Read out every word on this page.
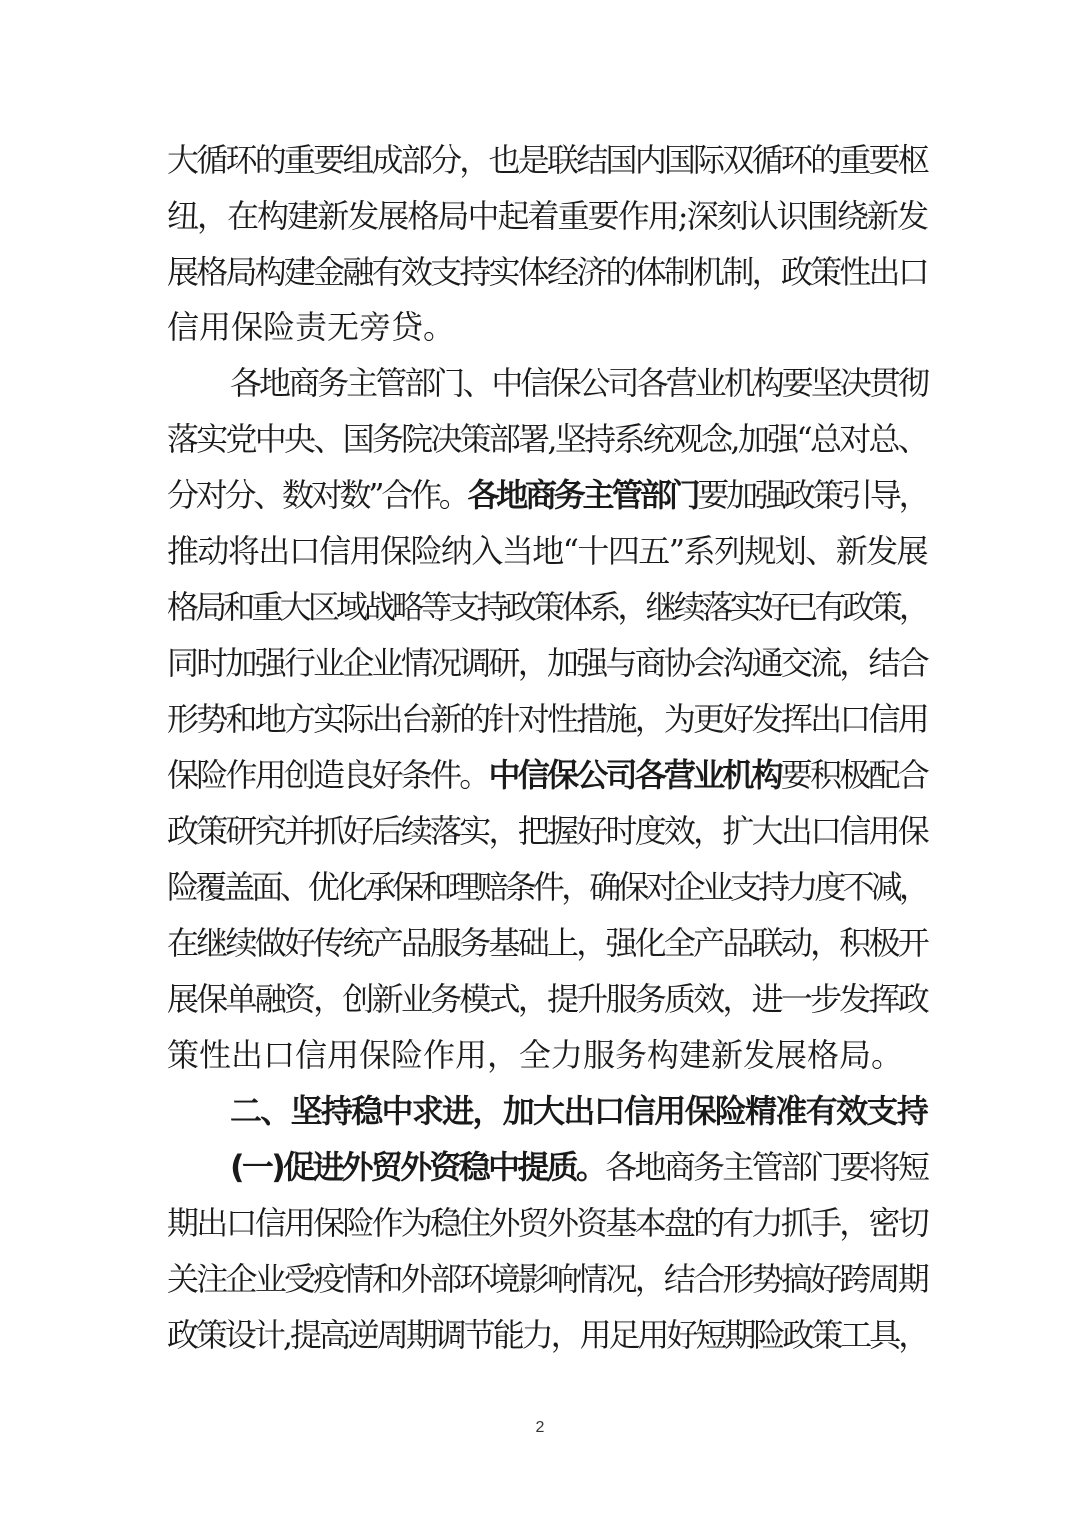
大循环的重要组成部分，也是联结国内国际双循环的重要枢
纽，在构建新发展格局中起着重要作用;深刻认识围绕新发
展格局构建金融有效支持实体经济的体制机制，政策性出口
信用保险责无旁贷。
各地商务主管部门、中信保公司各营业机构要坚决贯彻
落实党中央、国务院决策部署,坚持系统观念,加强“总对总、
分对分、数对数”合作。各地商务主管部门要加强政策引导，
推动将出口信用保险纳入当地“十四五”系列规划、新发展
格局和重大区域战略等支持政策体系，继续落实好已有政策，
同时加强行业企业情况调研，加强与商协会沟通交流，结合
形势和地方实际出台新的针对性措施，为更好发挥出口信用
保险作用创造良好条件。中信保公司各营业机构要积极配合
政策研究并抓好后续落实，把握好时度效，扩大出口信用保
险覆盖面、优化承保和理赔条件，确保对企业支持力度不减，
在继续做好传统产品服务基础上，强化全产品联动，积极开
展保单融资，创新业务模式，提升服务质效，进一步发挥政
策性出口信用保险作用，全力服务构建新发展格局。
二、坚持稳中求进，加大出口信用保险精准有效支持
(一)促进外贸外资稳中提质。各地商务主管部门要将短
期出口信用保险作为稳住外贸外资基本盘的有力抓手，密切
关注企业受疫情和外部环境影响情况，结合形势搞好跨周期
政策设计,提高逆周期调节能力，用足用好短期险政策工具，
2
